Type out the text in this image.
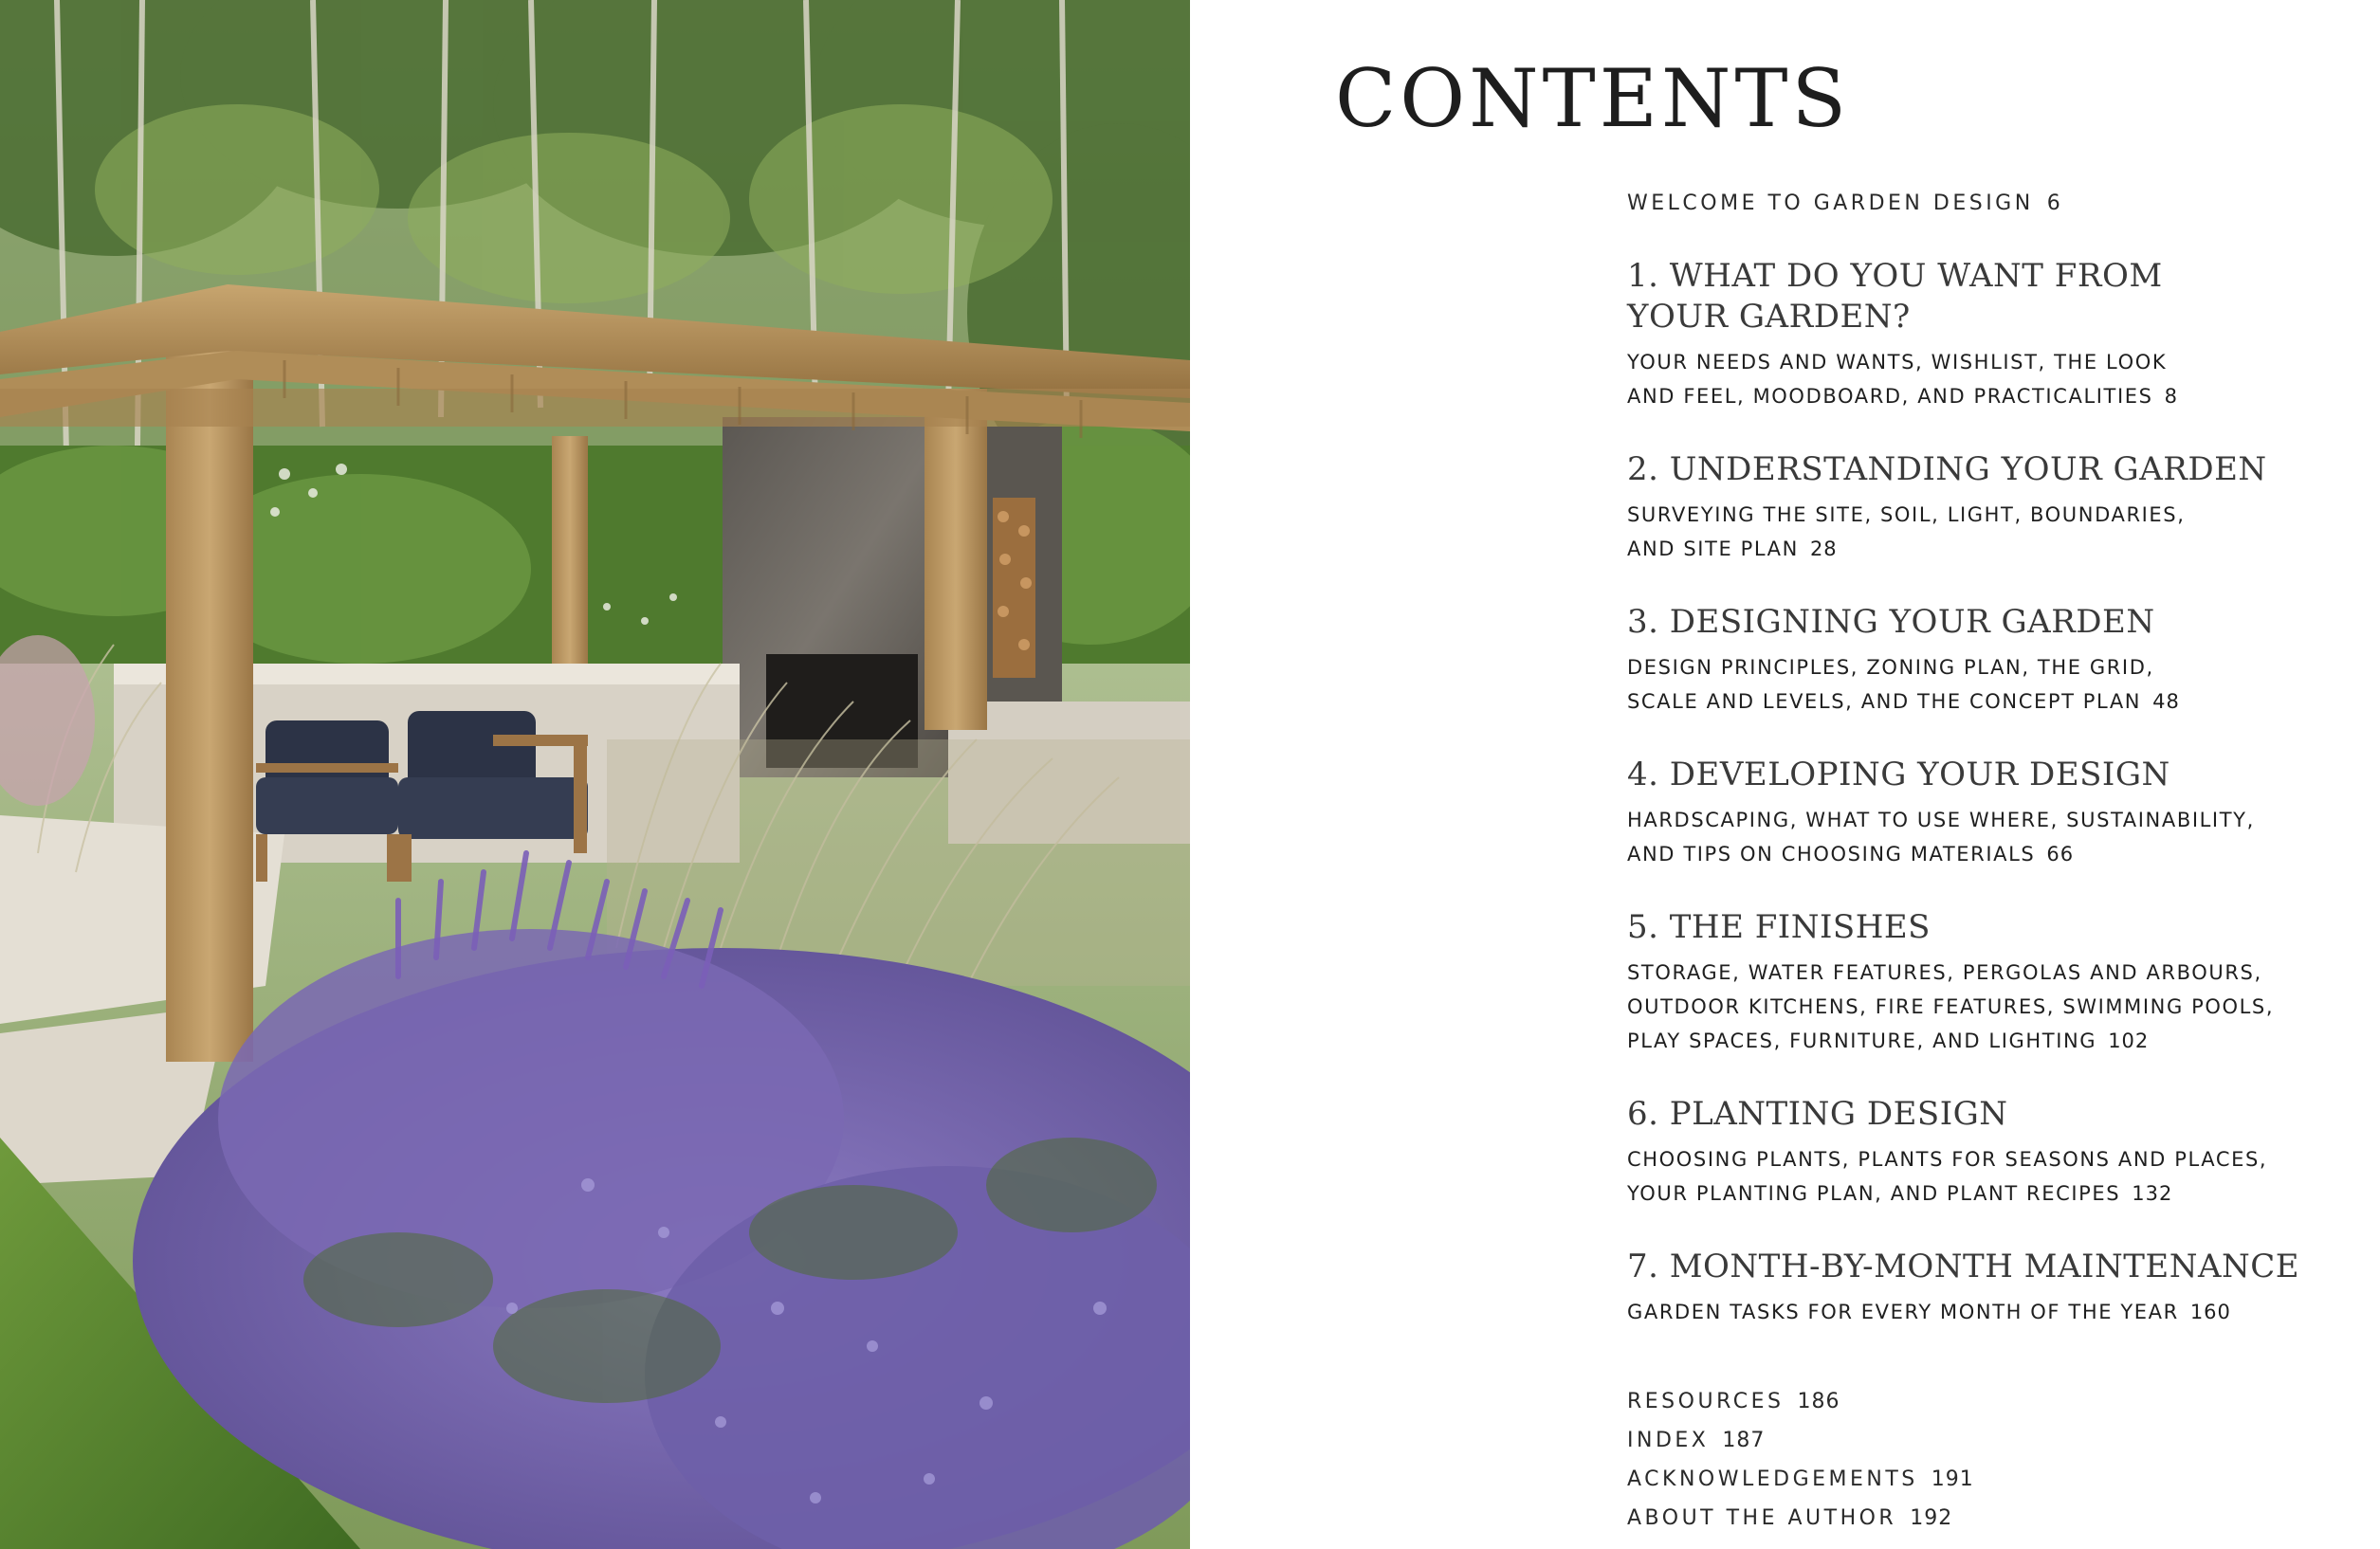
CONTENTS
WELCOME TO GARDEN DESIGN 6
1. WHAT DO YOU WANT FROM
YOUR GARDEN?

YOUR NEEDS AND WANTS, WISHLIST, THE LOOK
AND FEEL, MOODBOARD, AND PRACTICALITIES 8

2. UNDERSTANDING YOUR GARDEN

SURVEYING THE SITE, SOIL, LIGHT, BOUNDARIES,
AND SITE PLAN 28

3. DESIGNING YOUR GARDEN

DESIGN PRINCIPLES, ZONING PLAN, THE GRID,
SCALE AND LEVELS, AND THE CONCEPT PLAN 48

4. DEVELOPING YOUR DESIGN

HARDSCAPING, WHAT TO USE WHERE, SUSTAINABILITY,
AND TIPS ON CHOOSING MATERIALS 66

5. THE FINISHES

STORAGE, WATER FEATURES, PERGOLAS AND ARBOURS,
OUTDOOR KITCHENS, FIRE FEATURES, SWIMMING POOLS,
PLAY SPACES, FURNITURE, AND LIGHTING 102

6. PLANTING DESIGN

CHOOSING PLANTS, PLANTS FOR SEASONS AND PLACES,
YOUR PLANTING PLAN, AND PLANT RECIPES 132

7. MONTH-BY-MONTH MAINTENANCE

GARDEN TASKS FOR EVERY MONTH OF THE YEAR 160

RESOURCES 186
INDEX 187
ACKNOWLEDGEMENTS 191
ABOUT THE AUTHOR 192
